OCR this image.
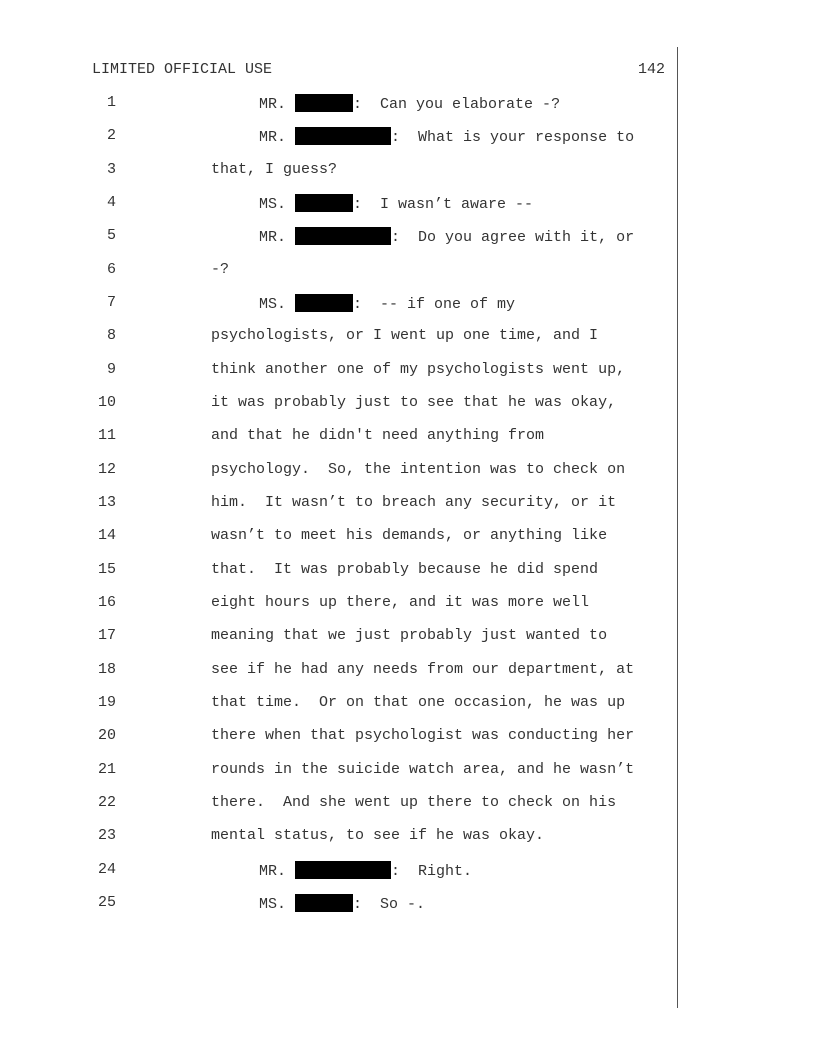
LIMITED OFFICIAL USE	142
1	MR.	:  Can you elaborate -?
2	MR.	:  What is your response to
3	that, I guess?
4	MS.	:  I wasn’t aware --
5	MR.	:  Do you agree with it, or
6	-?
7	MS.	:  -- if one of my
8	psychologists, or I went up one time, and I
9	think another one of my psychologists went up,
10	it was probably just to see that he was okay,
11	and that he didn't need anything from
12	psychology.  So, the intention was to check on
13	him.  It wasn’t to breach any security, or it
14	wasn’t to meet his demands, or anything like
15	that.  It was probably because he did spend
16	eight hours up there, and it was more well
17	meaning that we just probably just wanted to
18	see if he had any needs from our department, at
19	that time.  Or on that one occasion, he was up
20	there when that psychologist was conducting her
21	rounds in the suicide watch area, and he wasn’t
22	there.  And she went up there to check on his
23	mental status, to see if he was okay.
24	MR.	:  Right.
25	MS.	:  So -.
